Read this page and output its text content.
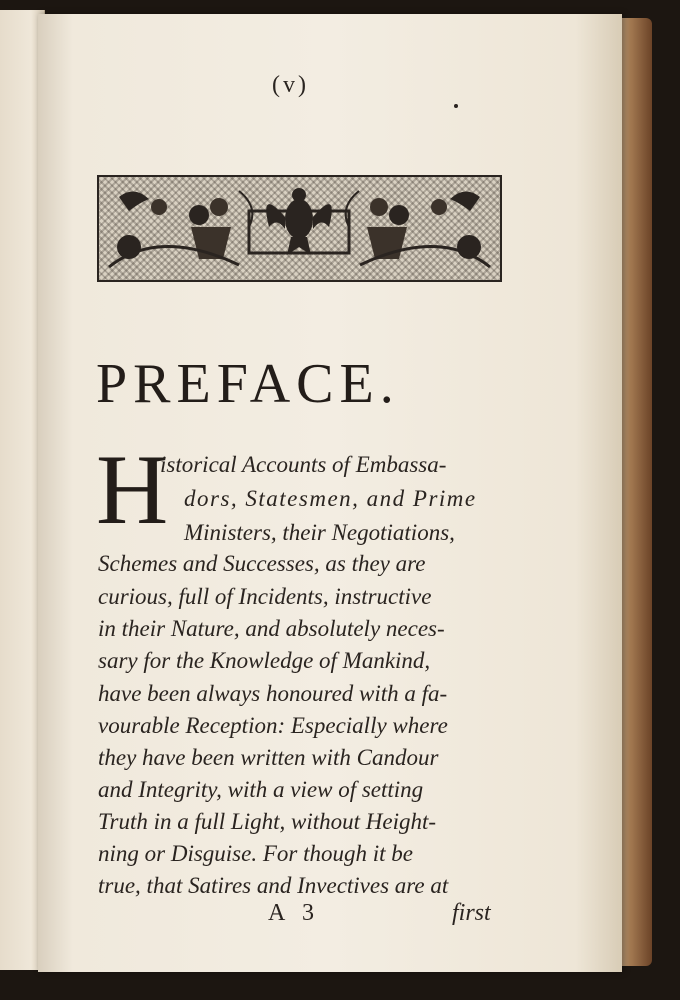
(v)
PREFACE.
H
istorical Accounts of Embassa-
dors, Statesmen, and Prime
Ministers, their Negotiations,
Schemes and Successes, as they are
curious, full of Incidents, instructive
in their Nature, and absolutely neces-
sary for the Knowledge of Mankind,
have been always honoured with a fa-
vourable Reception: Especially where
they have been written with Candour
and Integrity, with a view of setting
Truth in a full Light, without Height-
ning or Disguise. For though it be
true, that Satires and Invectives are at
A 3	first
